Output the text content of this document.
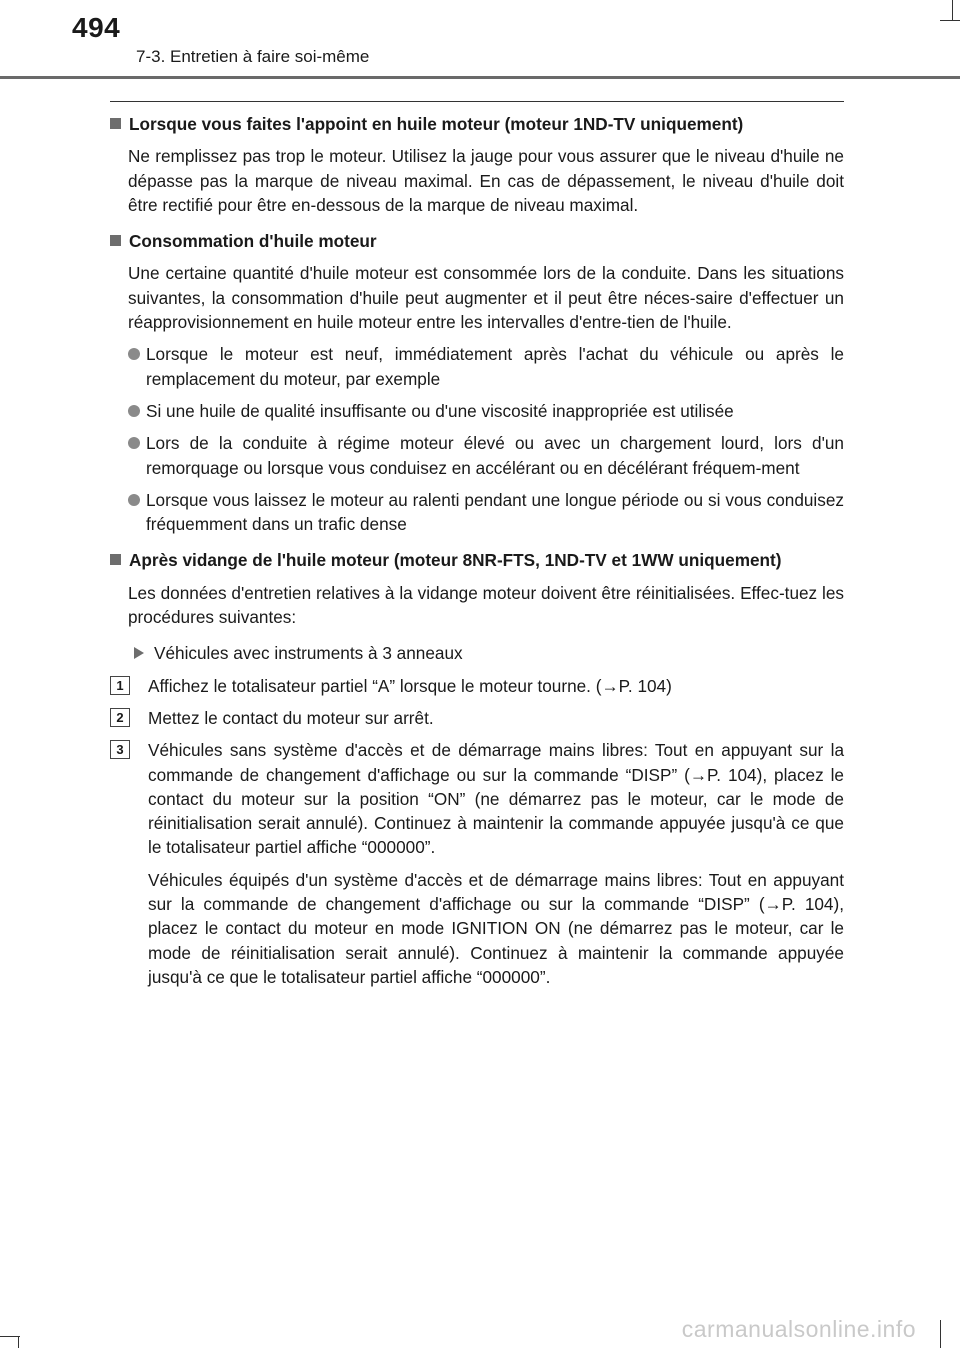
494
7-3. Entretien à faire soi-même
Lorsque vous faites l'appoint en huile moteur (moteur 1ND-TV uniquement)
Ne remplissez pas trop le moteur. Utilisez la jauge pour vous assurer que le niveau d'huile ne dépasse pas la marque de niveau maximal. En cas de dépassement, le niveau d'huile doit être rectifié pour être en-dessous de la marque de niveau maximal.
Consommation d'huile moteur
Une certaine quantité d'huile moteur est consommée lors de la conduite. Dans les situations suivantes, la consommation d'huile peut augmenter et il peut être néces-saire d'effectuer un réapprovisionnement en huile moteur entre les intervalles d'entre-tien de l'huile.
Lorsque le moteur est neuf, immédiatement après l'achat du véhicule ou après le remplacement du moteur, par exemple
Si une huile de qualité insuffisante ou d'une viscosité inappropriée est utilisée
Lors de la conduite à régime moteur élevé ou avec un chargement lourd, lors d'un remorquage ou lorsque vous conduisez en accélérant ou en décélérant fréquem-ment
Lorsque vous laissez le moteur au ralenti pendant une longue période ou si vous conduisez fréquemment dans un trafic dense
Après vidange de l'huile moteur (moteur 8NR-FTS, 1ND-TV et 1WW uniquement)
Les données d'entretien relatives à la vidange moteur doivent être réinitialisées. Effec-tuez les procédures suivantes:
Véhicules avec instruments à 3 anneaux
1	Affichez le totalisateur partiel “A” lorsque le moteur tourne. (→P. 104)

2	Mettez le contact du moteur sur arrêt.

3	Véhicules sans système d'accès et de démarrage mains libres: Tout en appuyant sur la commande de changement d'affichage ou sur la commande “DISP” (→P. 104), placez le contact du moteur sur la position “ON” (ne démarrez pas le moteur, car le mode de réinitialisation serait annulé). Continuez à maintenir la commande appuyée jusqu'à ce que le totalisateur partiel affiche “000000”.

Véhicules équipés d'un système d'accès et de démarrage mains libres: Tout en appuyant sur la commande de changement d'affichage ou sur la commande “DISP” (→P. 104), placez le contact du moteur en mode IGNITION ON (ne démarrez pas le moteur, car le mode de réinitialisation serait annulé). Continuez à maintenir la commande appuyée jusqu'à ce que le totalisateur partiel affiche “000000”.

carmanualsonline.info
